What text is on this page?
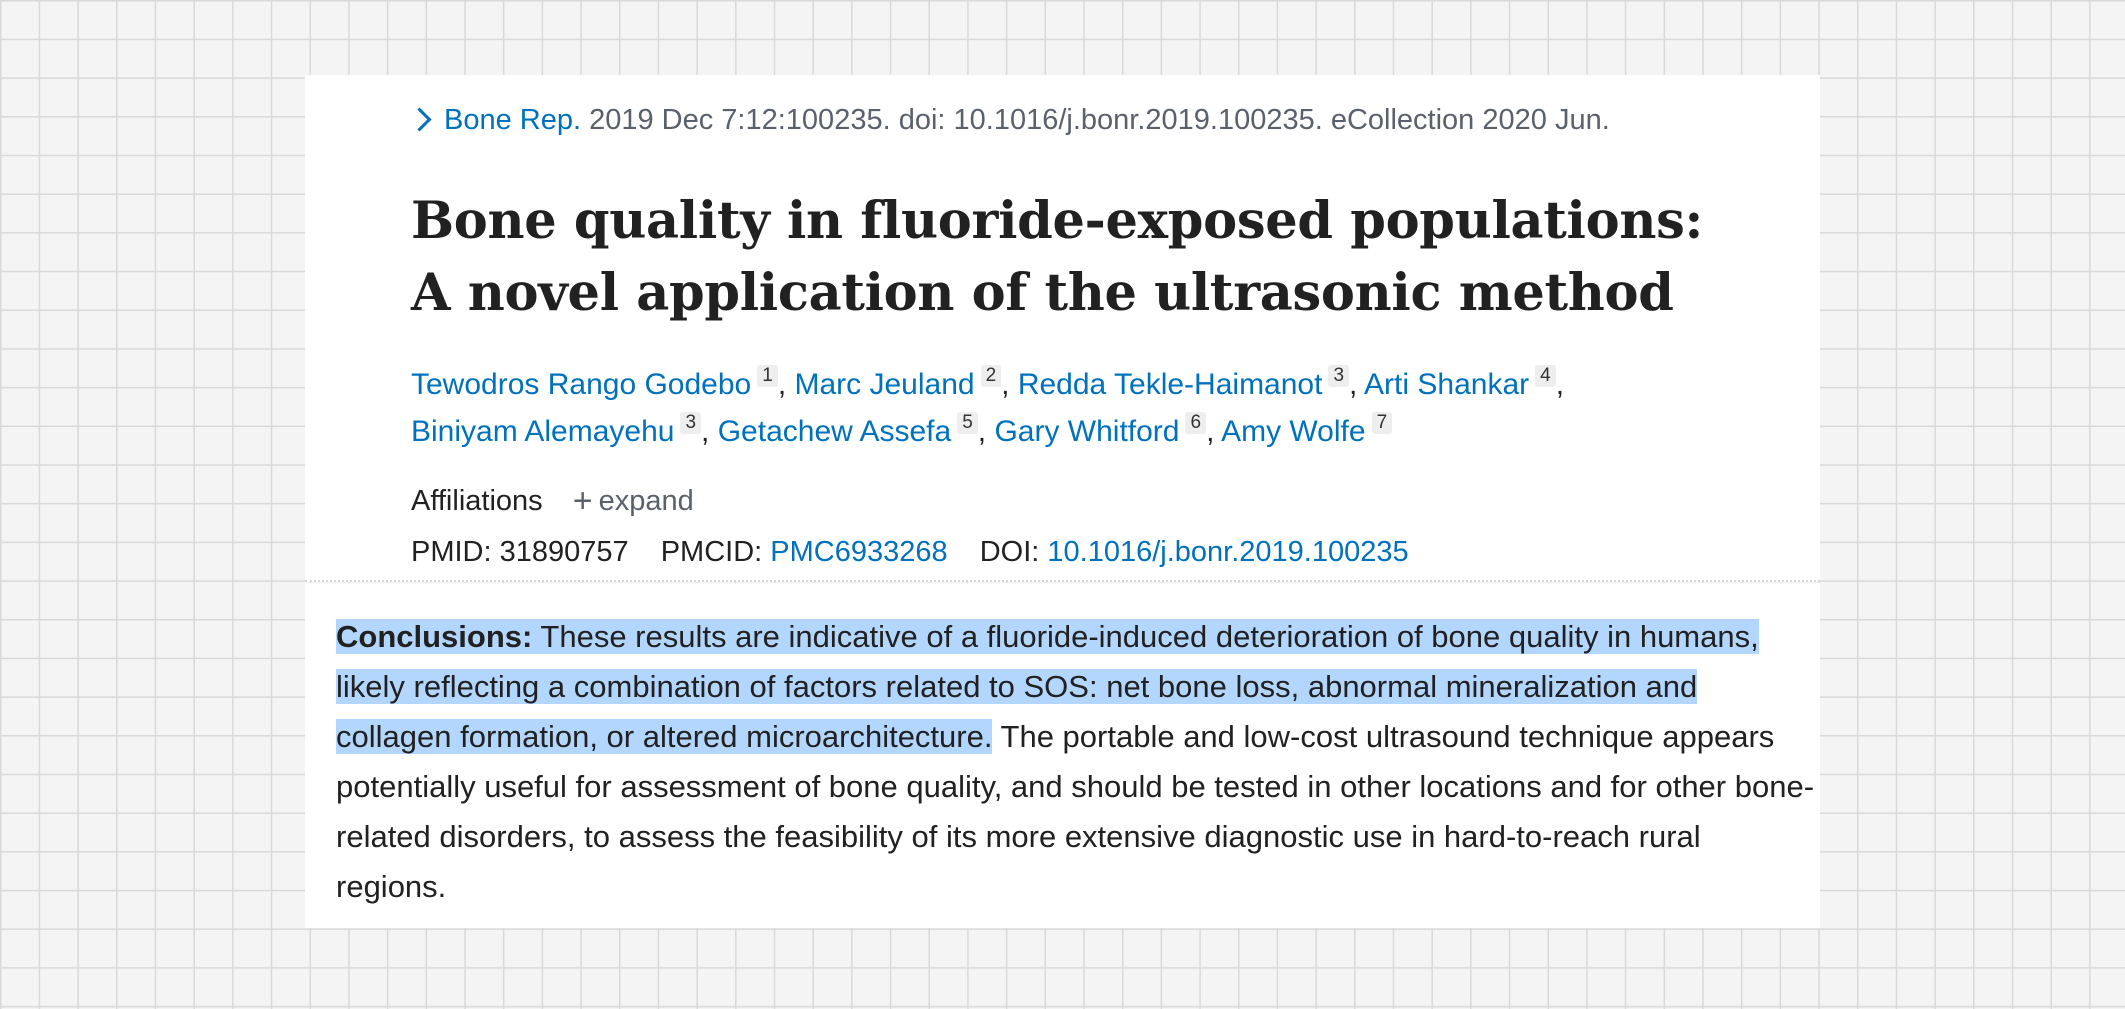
Bone Rep. 2019 Dec 7:12:100235. doi: 10.1016/j.bonr.2019.100235. eCollection 2020 Jun.
Bone quality in fluoride-exposed populations: A novel application of the ultrasonic method
Tewodros Rango Godebo 1 , Marc Jeuland 2 , Redda Tekle-Haimanot 3 , Arti Shankar 4 ,
Biniyam Alemayehu 3 , Getachew Assefa 5 , Gary Whitford 6 , Amy Wolfe 7
Affiliations + expand
PMID: 31890757 PMCID: PMC6933268 DOI: 10.1016/j.bonr.2019.100235

Conclusions: These results are indicative of a fluoride-induced deterioration of bone quality in humans, likely reflecting a combination of factors related to SOS: net bone loss, abnormal mineralization and collagen formation, or altered microarchitecture. The portable and low-cost ultrasound technique appears potentially useful for assessment of bone quality, and should be tested in other locations and for other bone-related disorders, to assess the feasibility of its more extensive diagnostic use in hard-to-reach rural regions.
